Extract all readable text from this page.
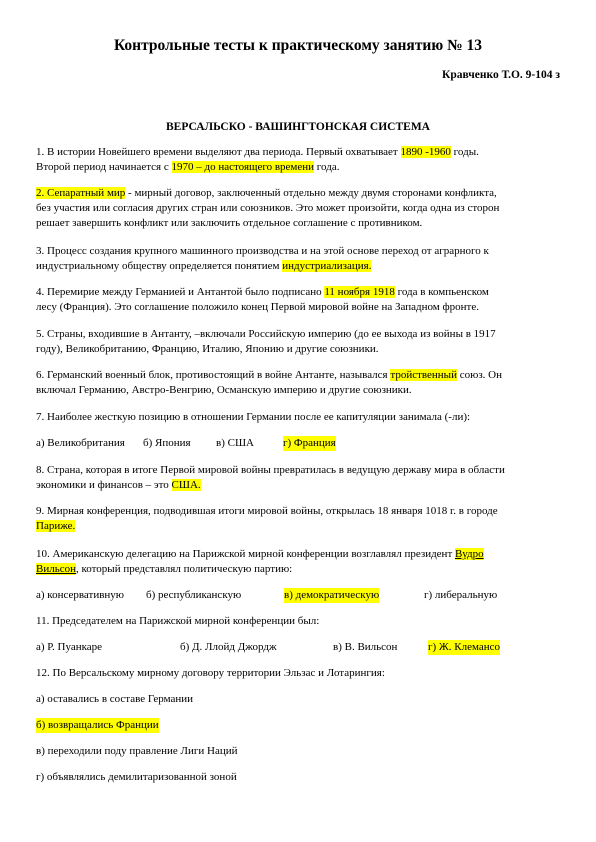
Контрольные тесты к практическому занятию № 13
Кравченко Т.О. 9-104 з
ВЕРСАЛЬСКО - ВАШИНГТОНСКАЯ СИСТЕМА
1. В истории Новейшего времени выделяют два периода. Первый охватывает 1890 -1960 годы.
Второй период начинается с 1970 – до настоящего времени года.
2. Сепаратный мир - мирный договор, заключенный отдельно между двумя сторонами конфликта,
без участия или согласия других стран или союзников. Это может произойти, когда одна из сторон
решает завершить конфликт или заключить отдельное соглашение с противником.
3. Процесс создания крупного машинного производства и на этой основе переход от аграрного к
индустриальному обществу определяется понятием индустриализация.
4. Перемирие между Германией и Антантой было подписано 11 ноября 1918 года в компьенском
лесу (Франция). Это соглашение положило конец Первой мировой войне на Западном фронте.
5. Страны, входившие в Антанту, –включали Российскую империю (до ее выхода из войны в 1917
году), Великобританию, Францию, Италию, Японию и другие союзники.
6. Германский военный блок, противостоящий в войне Антанте, назывался тройственный союз. Он
включал Германию, Австро-Венгрию, Османскую империю и другие союзники.
7. Наиболее жесткую позицию в отношении Германии после ее капитуляции занимала (-ли):
а) Великобритания б) Япония в) США	г) Франция
8. Страна, которая в итоге Первой мировой войны превратилась в ведущую державу мира в области
экономики и финансов – это США.
9. Мирная конференция, подводившая итоги мировой войны, открылась 18 января 1018 г. в городе
Париже.
10. Американскую делегацию на Парижской мирной конференции возглавлял президент Вудро
Вильсон, который представлял политическую партию:
а) консервативную б) республиканскую	в) демократическую	г) либеральную
11. Председателем на Парижской мирной конференции был:
а) Р. Пуанкаре	б) Д. Ллойд Джордж	в) В. Вильсон	г) Ж. Клемансо
12. По Версальскому мирному договору территории Эльзас и Лотарингия:
а) оставались в составе Германии
б) возвращались Франции
в) переходили поду правление Лиги Наций
г) объявлялись демилитаризованной зоной
